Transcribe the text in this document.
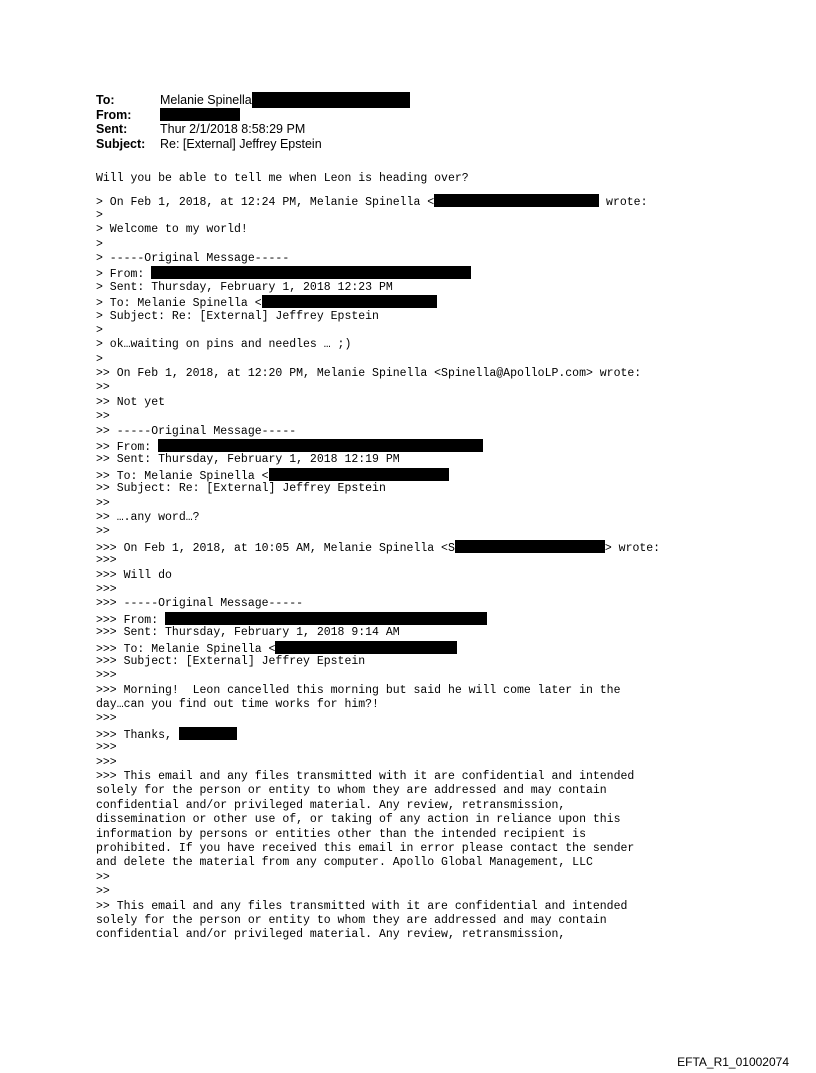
To:	Melanie Spinella
From:
Sent:	Thur 2/1/2018 8:58:29 PM
Subject:	Re: [External] Jeffrey Epstein
Will you be able to tell me when Leon is heading over?
> On Feb 1, 2018, at 12:24 PM, Melanie Spinella <	wrote:
>
> Welcome to my world!
>
> -----Original Message-----
> From:
> Sent: Thursday, February 1, 2018 12:23 PM
> To: Melanie Spinella <
> Subject: Re: [External] Jeffrey Epstein
>
> ok…waiting on pins and needles … ;)
>
>> On Feb 1, 2018, at 12:20 PM, Melanie Spinella <Spinella@ApolloLP.com> wrote:
>>
>> Not yet
>>
>> -----Original Message-----
>> From:
>> Sent: Thursday, February 1, 2018 12:19 PM
>> To: Melanie Spinella <
>> Subject: Re: [External] Jeffrey Epstein
>>
>> ….any word…?
>>
>>> On Feb 1, 2018, at 10:05 AM, Melanie Spinella <S	> wrote:
>>>
>>> Will do
>>>
>>> -----Original Message-----
>>> From:
>>> Sent: Thursday, February 1, 2018 9:14 AM
>>> To: Melanie Spinella <
>>> Subject: [External] Jeffrey Epstein
>>>
>>> Morning!  Leon cancelled this morning but said he will come later in the
day…can you find out time works for him?!
>>>
>>> Thanks,
>>>
>>>
>>> This email and any files transmitted with it are confidential and intended
solely for the person or entity to whom they are addressed and may contain
confidential and/or privileged material. Any review, retransmission,
dissemination or other use of, or taking of any action in reliance upon this
information by persons or entities other than the intended recipient is
prohibited. If you have received this email in error please contact the sender
and delete the material from any computer. Apollo Global Management, LLC
>>
>>
>> This email and any files transmitted with it are confidential and intended
solely for the person or entity to whom they are addressed and may contain
confidential and/or privileged material. Any review, retransmission,
EFTA_R1_01002074
